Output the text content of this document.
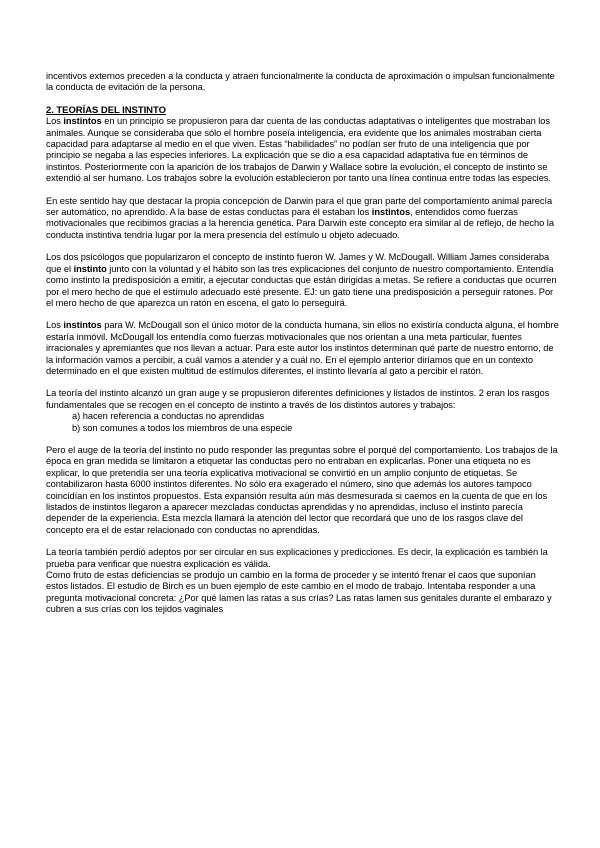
incentivos externos preceden a la conducta y atraen funcionalmente la conducta de aproximación o impulsan funcionalmente la conducta de evitación de la persona.

2. TEORÍAS DEL INSTINTO

Los instintos en un principio se propusieron para dar cuenta de las conductas adaptativas o inteligentes que mostraban los animales. Aunque se consideraba que sólo el hombre poseía inteligencia, era evidente que los animales mostraban cierta capacidad para adaptarse al medio en el que viven. Estas “habilidades” no podían ser fruto de una inteligencia que por principio se negaba a las especies inferiores. La explicación que se dio a esa capacidad adaptativa fue en términos de instintos. Posteriormente con la aparición de los trabajos de Darwin y Wallace sobre la evolución, el concepto de instinto se extendió al ser humano. Los trabajos sobre la evolución establecieron por tanto una línea continua entre todas las especies.

En este sentido hay que destacar la propia concepción de Darwin para el que gran parte del comportamiento animal parecía ser automático, no aprendido. A la base de estas conductas para él estaban los instintos, entendidos como fuerzas motivacionales que recibimos gracias a la herencia genética. Para Darwin este concepto era similar al de reflejo, de hecho la conducta instintiva tendría lugar por la mera presencia del estímulo u objeto adecuado.

Los dos psicólogos que popularizaron el concepto de instinto fueron W. James y W. McDougall. William James consideraba que el instinto junto con la voluntad y el hábito son las tres explicaciones del conjunto de nuestro comportamiento. Entendía como instinto la predisposición a emitir, a ejecutar conductas que están dirigidas a metas. Se refiere a conductas que ocurren por el mero hecho de que el estímulo adecuado esté presente. EJ: un gato tiene una predisposición a perseguir ratones. Por el mero hecho de que aparezca un ratón en escena, el gato lo perseguirá.

Los instintos para W. McDougall son el único motor de la conducta humana, sin ellos no existiría conducta alguna, el hombre estaría inmóvil. McDougall los entendía como fuerzas motivacionales que nos orientan a una meta particular, fuentes irracionales y apremiantes que nos llevan a actuar. Para este autor los instintos determinan qué parte de nuestro entorno, de la información vamos a percibir, a cuál vamos a atender y a cuál no. En el ejemplo anterior diríamos que en un contexto determinado en el que existen multitud de estímulos diferentes, el instinto llevaría al gato a percibir el ratón.

La teoría del instinto alcanzó un gran auge y se propusieron diferentes definiciones y listados de instintos. 2 eran los rasgos fundamentales que se recogen en el concepto de instinto a través de los distintos autores y trabajos:

a) hacen referencia a conductas no aprendidas
b) son comunes a todos los miembros de una especie

Pero el auge de la teoría del instinto no pudo responder las preguntas sobre el porqué del comportamiento. Los trabajos de la época en gran medida se limitaron a etiquetar las conductas pero no entraban en explicarlas. Poner una etiqueta no es explicar, lo que pretendía ser una teoría explicativa motivacional se convirtió en un amplio conjunto de etiquetas. Se contabilizaron hasta 6000 instintos diferentes. No sólo era exagerado el número, sino que además los autores tampoco coincidían en los instintos propuestos. Esta expansión resulta aún más desmesurada si caemos en la cuenta de que en los listados de instintos llegaron a aparecer mezcladas conductas aprendidas y no aprendidas, incluso el instinto parecía depender de la experiencia. Esta mezcla llamará la atención del lector que recordará que uno de los rasgos clave del concepto era el de estar relacionado con conductas no aprendidas.

La teoría también perdió adeptos por ser circular en sus explicaciones y predicciones. Es decir, la explicación es también la prueba para verificar que nuestra explicación es válida.

Como fruto de estas deficiencias se produjo un cambio en la forma de proceder y se intentó frenar el caos que suponían estos listados. El estudio de Birch es un buen ejemplo de este cambio en el modo de trabajo. Intentaba responder a una pregunta motivacional concreta: ¿Por qué lamen las ratas a sus crías? Las ratas lamen sus genitales durante el embarazo y cubren a sus crías con los tejidos vaginales
